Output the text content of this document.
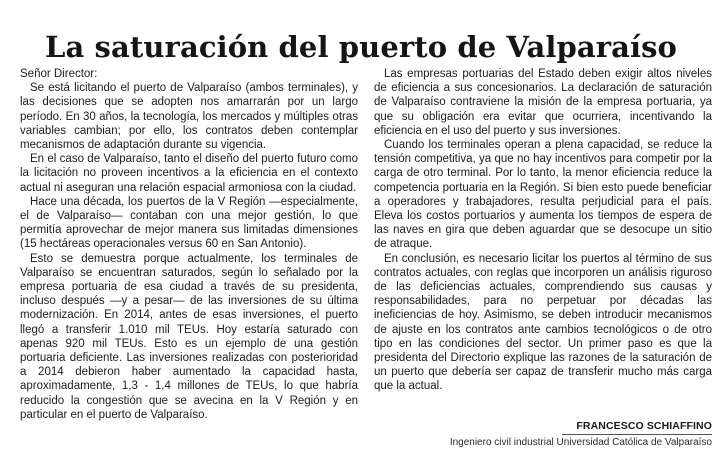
La saturación del puerto de Valparaíso

Señor Director:

Se está licitando el puerto de Valparaíso (ambos terminales), y las decisiones que se adopten nos amarrarán por un largo período. En 30 años, la tecnología, los mercados y múltiples otras variables cambian; por ello, los contratos deben contemplar mecanismos de adaptación durante su vigencia.

En el caso de Valparaíso, tanto el diseño del puerto futuro como la licitación no proveen incentivos a la eficiencia en el contexto actual ni aseguran una relación espacial armoniosa con la ciudad.

Hace una década, los puertos de la V Región —especialmente, el de Valparaíso— contaban con una mejor gestión, lo que permitía aprovechar de mejor manera sus limitadas dimensiones (15 hectáreas operacionales versus 60 en San Antonio).

Esto se demuestra porque actualmente, los terminales de Valparaíso se encuentran saturados, según lo señalado por la empresa portuaria de esa ciudad a través de su presidenta, incluso después —y a pesar— de las inversiones de su última modernización. En 2014, antes de esas inversiones, el puerto llegó a transferir 1.010 mil TEUs. Hoy estaría saturado con apenas 920 mil TEUs. Esto es un ejemplo de una gestión portuaria deficiente. Las inversiones realizadas con posterioridad a 2014 debieron haber aumentado la capacidad hasta, aproximadamente, 1,3 - 1,4 millones de TEUs, lo que habría reducido la congestión que se avecina en la V Región y en particular en el puerto de Valparaíso.

Las empresas portuarias del Estado deben exigir altos niveles de eficiencia a sus concesionarios. La declaración de saturación de Valparaíso contraviene la misión de la empresa portuaria, ya que su obligación era evitar que ocurriera, incentivando la eficiencia en el uso del puerto y sus inversiones.

Cuando los terminales operan a plena capacidad, se reduce la tensión competitiva, ya que no hay incentivos para competir por la carga de otro terminal. Por lo tanto, la menor eficiencia reduce la competencia portuaria en la Región. Si bien esto puede beneficiar a operadores y trabajadores, resulta perjudicial para el país. Eleva los costos portuarios y aumenta los tiempos de espera de las naves en gira que deben aguardar que se desocupe un sitio de atraque.

En conclusión, es necesario licitar los puertos al término de sus contratos actuales, con reglas que incorporen un análisis riguroso de las deficiencias actuales, comprendiendo sus causas y responsabilidades, para no perpetuar por décadas las ineficiencias de hoy. Asimismo, se deben introducir mecanismos de ajuste en los contratos ante cambios tecnológicos o de otro tipo en las condiciones del sector. Un primer paso es que la presidenta del Directorio explique las razones de la saturación de un puerto que debería ser capaz de transferir mucho más carga que la actual.

FRANCESCO SCHIAFFINO
Ingeniero civil industrial Universidad Católica de Valparaíso
